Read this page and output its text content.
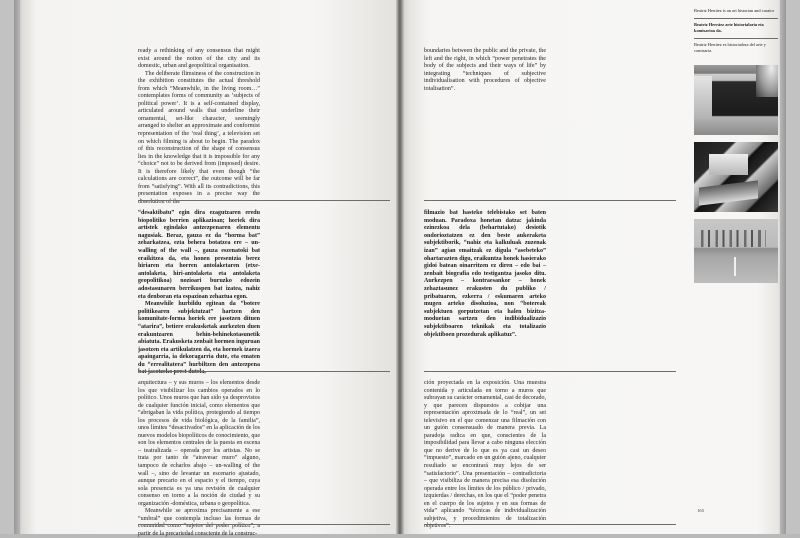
ready a rethinking of any consensus that might exist around the notion of the city and its domestic, urban and geopolitical organisation.

The deliberate flimsiness of the construction in the exhibition constitutes the actual threshold from which “Meanwhile, in the living room…” contemplates forms of community as ‘subjects of political power’. It is a self-contained display, articulated around walls that underline their ornamental, set-like character, seemingly arranged to shelter an approximate and conformist representation of the ‘real thing’, a television set on which filming is about to begin. The paradox of this reconstruction of the shape of consensus lies in the knowledge that it is impossible for any “choice” not to be derived from (imposed) desire. It is therefore likely that even though “the calculations are correct”, the outcome will be far from “satisfying”. With all its contradictions, this presentation exposes in a precise way the dissolution of the

“desaktibatu” egin dira ezagutzaren eredu biopolitiko berrien aplikazioan; horiek dira artistek egindako antzezpenaren elementu nagusiak. Beraz, gauza ez da “horma bat” zeharkatzea, ezta behera botatzea ere – un-walling of the wall –, gauza eszenatoki bat eraikitzea da, eta honen presentzia berez hiriaren eta horren antolaketaren (etxe-antolaketa, hiri-antolaketa eta antolaketa geopolitikoa) nozioari buruzko edozein adostasunaren berrikuspen bat izatea, nahiz eta denboran eta espazioan zehaztua egon.

Meanwhile hurbildu egitean da “botere politikoaren subjektutzat” hartzen den komunitate-forma horiek ere jasotzen dituen “atarira”, betiere erakusketak aurkezten duen erakuntzaren behin-behinekotasunetik abiatuta. Erakusketa zenbait hormen inguruan jasotzen eta artikulatzen da, eta hormek izaera apaingarria, ia dekoragarria dute, eta ematen du “errealitatera” hurbiltzen den antzezpena bat jasotzeko prest dutela,

arquitectura – y sus muros – los elementos desde los que visibilizar los cambios operados en lo político. Unos muros que han sido ya desprovistos de cualquier función inicial, como elementos que “abrigaban la vida política, protegiendo al tiempo los procesos de vida biológica, de la familia”, unos límites “desactivados” en la aplicación de los nuevos modelos biopolíticos de conocimiento, que son los elementos centrales de la puesta en escena – teatralizada – operada por los artistas. No se trata por tanto de “atravesar muro” alguno, tampoco de echarlos abajo – un-walling of the wall –, sino de levantar un escenario ajustado, aunque precario en el espacio y el tiempo, cuya sola presencia es ya una revisión de cualquier consenso en torno a la noción de ciudad y su organización -doméstica, urbana o geopolítica.

Meanwhile se aproxima precisamente a ese “umbral” que contempla incluso las formas de comunidad como “sujetos del poder político”, a partir de la precariedad consciente de la construc-

boundaries between the public and the private, the left and the right, in which “power penetrates the body of the subjects and their ways of life” by integrating “techniques of subjective individualisation with procedures of objective totalisation”.

filmazio bat hasteko telebistako set baten moduan. Paradoxa honetan datza: jakinda ezinezkoa dela (behartutako) desiotik ondorioztatzen ez den beste aukeraketa subjektiborik, “nahiz eta kalkuluak zuzenak izan” agian emaitzak ez digula “asebeteko” ohartarazten digu, eraikuntza honek hasierako gidoi batean oinarritzen ez diren – edo bai – zenbait biografia edo testigantza jasoko ditu. Aurkezpen – kontraesankor – honek zehaztasunez erakusten du publiko / pribatuaren, ezkerra / eskumaren arteko mugen arteko disoluzioa, non “botereak subjektuen gorputzetan eta halen bizitza-moduetan sartzen den indibidualizazio subjektiboaren teknikak eta totalizazio objektiboen prozedurak aplikatuz”.

ción proyectada en la exposición. Una muestra contenida y articulada en torno a muros que subrayan su carácter ornamental, casi de decorado, y que parecen dispuestos a cobijar una representación aproximada de lo “real”, un set televisivo en el que comenzar una filmación con un guión consensuado de manera previa. La paradoja radica en que, conscientes de la imposibilidad para llevar a cabo ninguna elección que no derive de lo que es ya casi un deseo “impuesto”, marcado en un guión ajeno, cualquier resultado se encontrará muy lejos de ser “satisfactorio”. Una presentación – contradictoria – que visibiliza de manera precisa esa disolución operada entre los límites de los público / privado, izquierdas / derechas, en los que el “poder penetra en el cuerpo de los sujetos y en sus formas de vida” aplicando “técnicas de individualización subjetiva, y procedimientos de totalización objetivos”.

Beatriz Herráez is an art historian and curator
Beatriz Herráez arte historialaria eta komisarioa da.
Beatriz Herráez es historiadora del arte y comisaria.
165
